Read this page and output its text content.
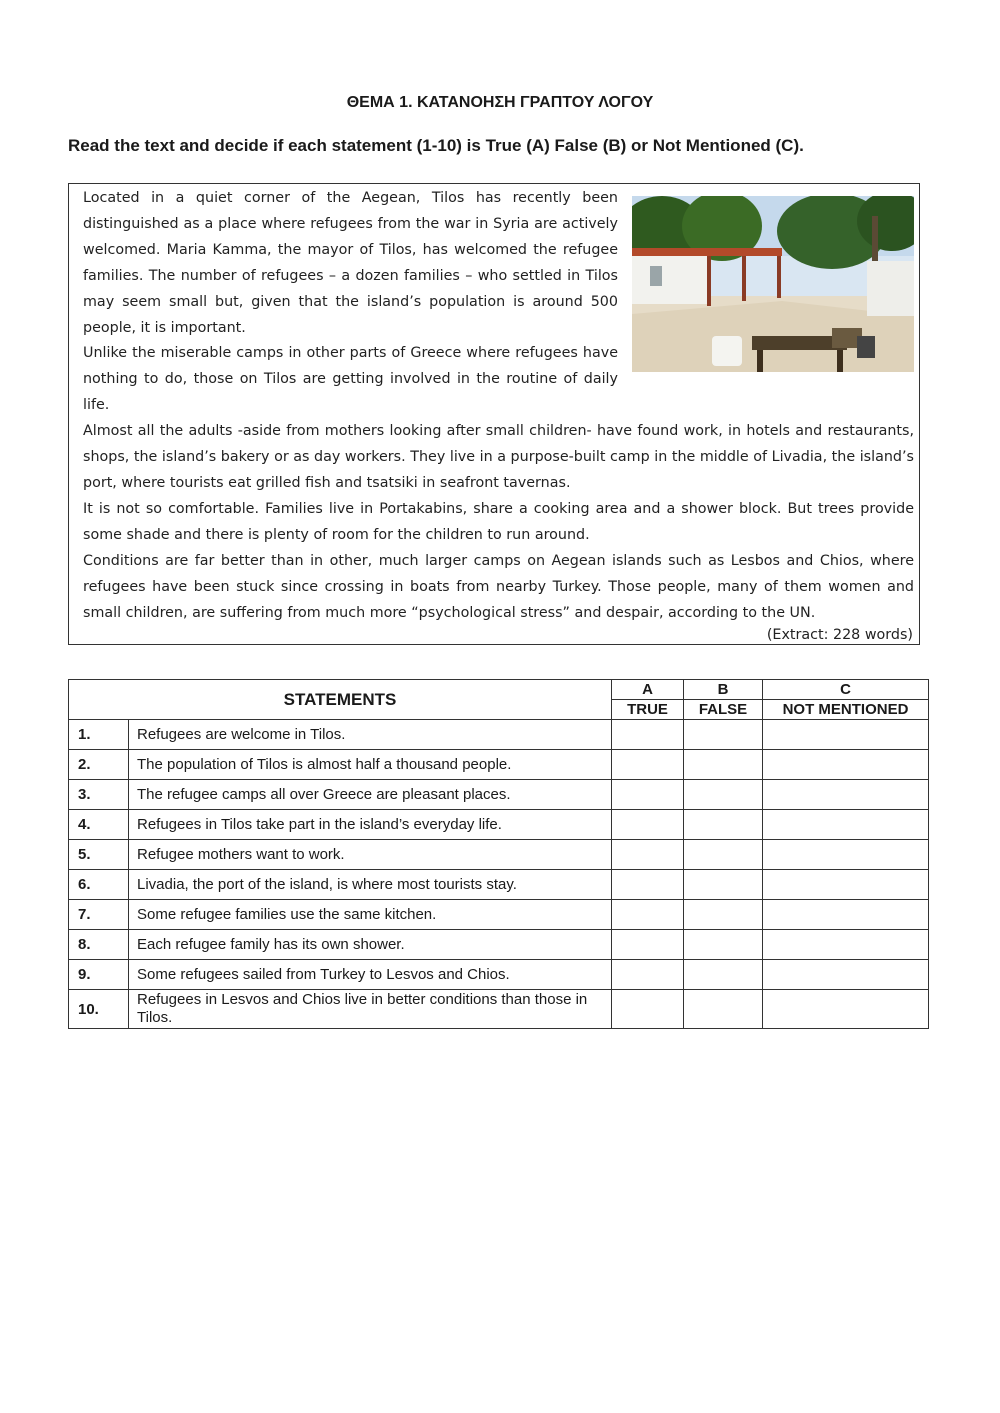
ΘΕΜΑ 1. ΚΑΤΑΝΟΗΣΗ ΓΡΑΠΤΟΥ ΛΟΓΟΥ
Read the text and decide if each statement (1-10) is True (A) False (B) or Not Mentioned (C).

Located in a quiet corner of the Aegean, Tilos has recently been distinguished as a place where refugees from the war in Syria are actively welcomed. Maria Kamma, the mayor of Tilos, has welcomed the refugee families. The number of refugees – a dozen families – who settled in Tilos may seem small but, given that the island’s population is around 500 people, it is important.

Unlike the miserable camps in other parts of Greece where refugees have nothing to do, those on Tilos are getting involved in the routine of daily life.

Almost all the adults -aside from mothers looking after small children- have found work, in hotels and restaurants, shops, the island’s bakery or as day workers. They live in a purpose-built camp in the middle of Livadia, the island’s port, where tourists eat grilled fish and tsatsiki in seafront tavernas.

It is not so comfortable. Families live in Portakabins, share a cooking area and a shower block. But trees provide some shade and there is plenty of room for the children to run around.

Conditions are far better than in other, much larger camps on Aegean islands such as Lesbos and Chios, where refugees have been stuck since crossing in boats from nearby Turkey. Those people, many of them women and small children, are suffering from much more “psychological stress” and despair, according to the UN.

(Extract: 228 words)
STATEMENTS		A	B	C
		TRUE	FALSE	NOT MENTIONED
1.	Refugees are welcome in Tilos.			
2.	The population of Tilos is almost half a thousand people.			
3.	The refugee camps all over Greece are pleasant places.			
4.	Refugees in Tilos take part in the island’s everyday life.			
5.	Refugee mothers want to work.			
6.	Livadia, the port of the island, is where most tourists stay.			
7.	Some refugee families use the same kitchen.			
8.	Each refugee family has its own shower.			
9.	Some refugees sailed from Turkey to Lesvos and Chios.			
10.	Refugees in Lesvos and Chios live in better conditions than those in Tilos.			
